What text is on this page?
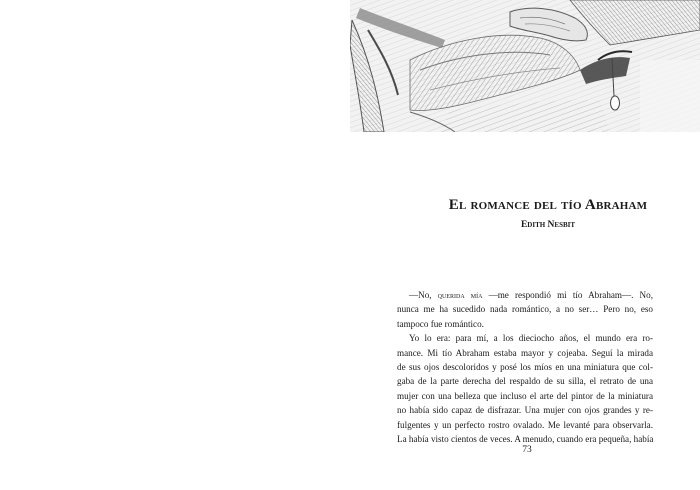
El romance del tío Abraham
Edith Nesbit

—No, querida mía —me respondió mi tío Abraham—. No,
nunca me ha sucedido nada romántico, a no ser… Pero no, eso
tampoco fue romántico.

Yo lo era: para mí, a los dieciocho años, el mundo era ro-
mance. Mi tío Abraham estaba mayor y cojeaba. Seguí la mirada
de sus ojos descoloridos y posé los míos en una miniatura que col-
gaba de la parte derecha del respaldo de su silla, el retrato de una
mujer con una belleza que incluso el arte del pintor de la miniatura
no había sido capaz de disfrazar. Una mujer con ojos grandes y re-
fulgentes y un perfecto rostro ovalado. Me levanté para observarla.
La había visto cientos de veces. A menudo, cuando era pequeña, había

73
